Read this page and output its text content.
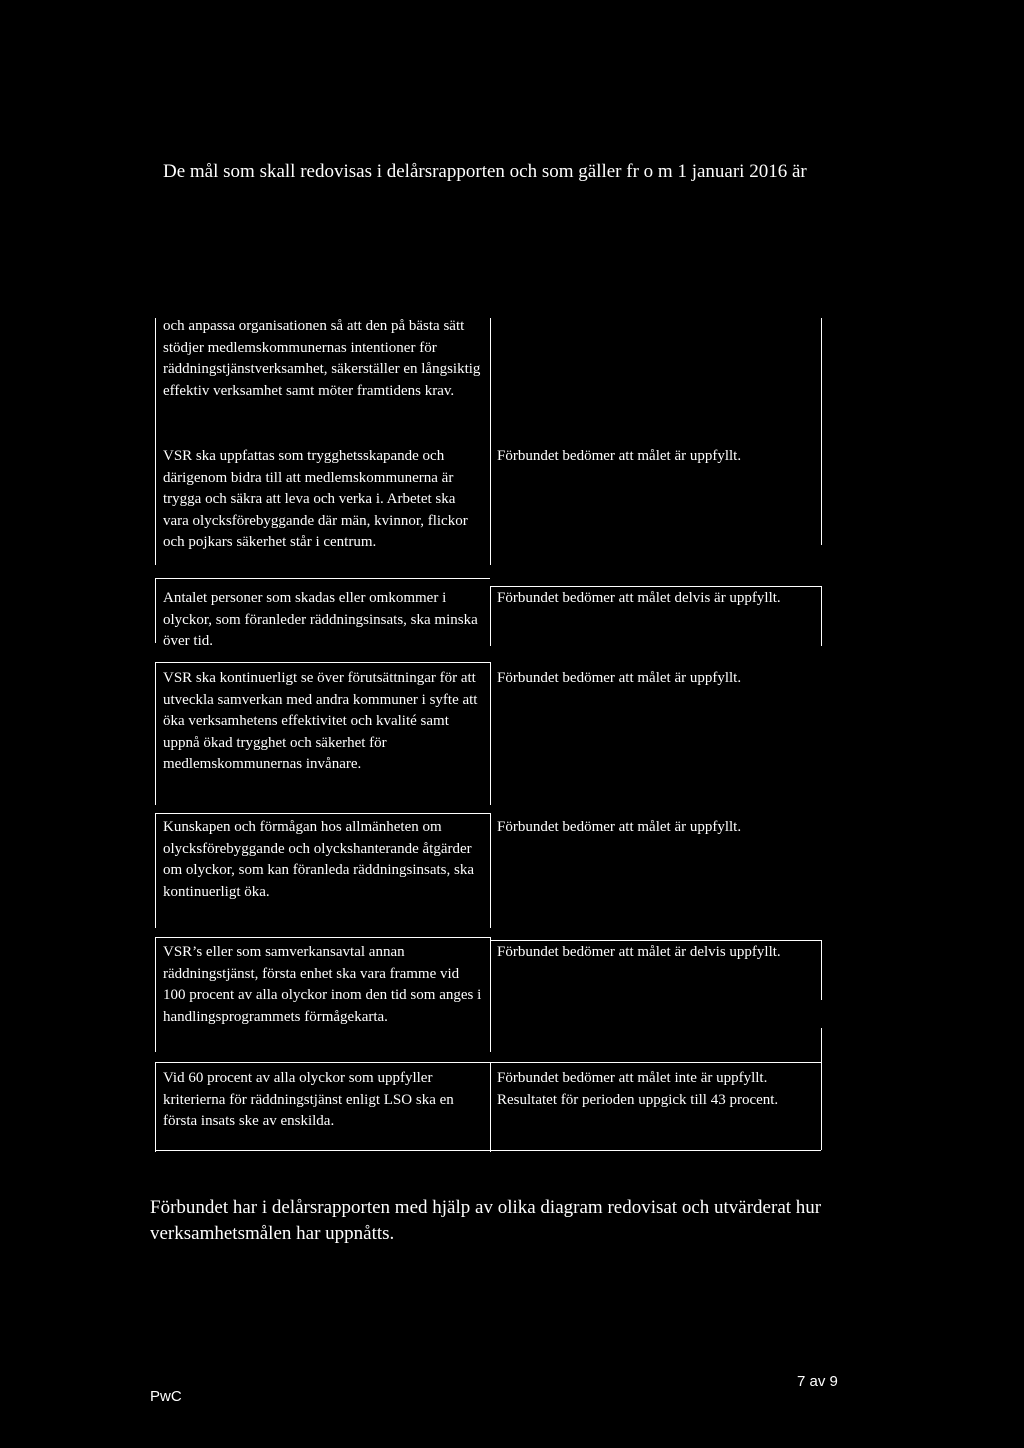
De mål som skall redovisas i delårsrapporten och som gäller fr o m 1 januari 2016 är
och anpassa organisationen så att den på bästa sätt stödjer medlemskommunernas intentioner för räddningstjänstverksamhet, säkerställer en långsiktig effektiv verksamhet samt möter framtidens krav.
VSR ska uppfattas som trygghetsskapande och därigenom bidra till att medlemskommunerna är trygga och säkra att leva och verka i. Arbetet ska vara olycksförebyggande där män, kvinnor, flickor och pojkars säkerhet står i centrum.
Antalet personer som skadas eller omkommer i olyckor, som föranleder räddningsinsats, ska minska över tid.
VSR ska kontinuerligt se över förutsättningar för att utveckla samverkan med andra kommuner i syfte att öka verksamhetens effektivitet och kvalité samt uppnå ökad trygghet och säkerhet för medlemskommunernas invånare.
Kunskapen och förmågan hos allmänheten om olycksförebyggande och olyckshanterande åtgärder om olyckor, som kan föranleda räddningsinsats, ska kontinuerligt öka.
VSR’s eller som samverkansavtal annan räddningstjänst, första enhet ska vara framme vid 100 procent av alla olyckor inom den tid som anges i handlingsprogrammets förmågekarta.
Vid 60 procent av alla olyckor som uppfyller kriterierna för räddningstjänst enligt LSO ska en första insats ske av enskilda.
Förbundet bedömer att målet är uppfyllt.
Förbundet bedömer att målet delvis är uppfyllt.
Förbundet bedömer att målet är uppfyllt.
Förbundet bedömer att målet är uppfyllt.
Förbundet bedömer att målet är delvis uppfyllt.
Förbundet bedömer att målet inte är uppfyllt. Resultatet för perioden uppgick till 43 procent.
Förbundet har i delårsrapporten med hjälp av olika diagram redovisat och utvärderat hur verksamhetsmålen har uppnåtts.
PwC
7 av 9
